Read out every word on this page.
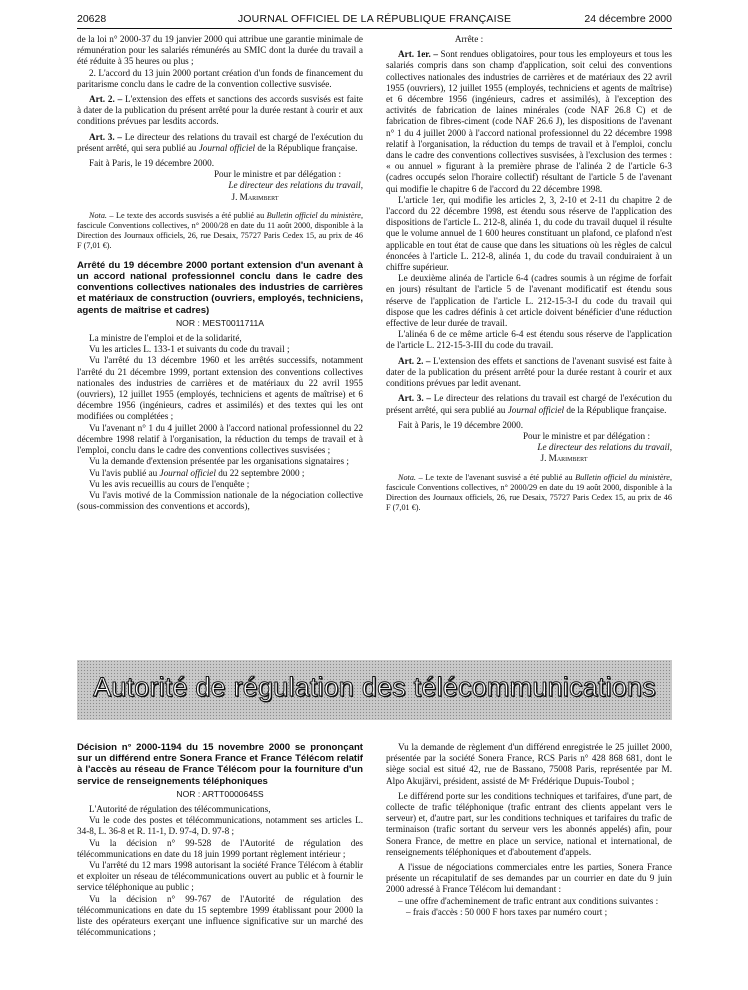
20628	JOURNAL OFFICIEL DE LA RÉPUBLIQUE FRANÇAISE	24 décembre 2000

de la loi n° 2000-37 du 19 janvier 2000 qui attribue une garantie minimale de rémunération pour les salariés rémunérés au SMIC dont la durée du travail a été réduite à 35 heures ou plus ;

2. L'accord du 13 juin 2000 portant création d'un fonds de financement du paritarisme conclu dans le cadre de la convention collective susvisée.

Art. 2. – L'extension des effets et sanctions des accords susvisés est faite à dater de la publication du présent arrêté pour la durée restant à courir et aux conditions prévues par lesdits accords.

Art. 3. – Le directeur des relations du travail est chargé de l'exécution du présent arrêté, qui sera publié au Journal officiel de la République française.

Fait à Paris, le 19 décembre 2000.

Pour le ministre et par délégation :
Le directeur des relations du travail,
J. Marimbert

Nota. – Le texte des accords susvisés a été publié au Bulletin officiel du ministère, fascicule Conventions collectives, n° 2000/28 en date du 11 août 2000, disponible à la Direction des Journaux officiels, 26, rue Desaix, 75727 Paris Cedex 15, au prix de 46 F (7,01 €).

Arrêté du 19 décembre 2000 portant extension d'un avenant à un accord national professionnel conclu dans le cadre des conventions collectives nationales des industries de carrières et matériaux de construction (ouvriers, employés, techniciens, agents de maîtrise et cadres)
NOR : MEST0011711A

La ministre de l'emploi et de la solidarité,

Vu les articles L. 133-1 et suivants du code du travail ;

Vu l'arrêté du 13 décembre 1960 et les arrêtés successifs, notamment l'arrêté du 21 décembre 1999, portant extension des conventions collectives nationales des industries de carrières et de matériaux du 22 avril 1955 (ouvriers), 12 juillet 1955 (employés, techniciens et agents de maîtrise) et 6 décembre 1956 (ingénieurs, cadres et assimilés) et des textes qui les ont modifiées ou complétées ;

Vu l'avenant n° 1 du 4 juillet 2000 à l'accord national professionnel du 22 décembre 1998 relatif à l'organisation, la réduction du temps de travail et à l'emploi, conclu dans le cadre des conventions collectives susvisées ;

Vu la demande d'extension présentée par les organisations signataires ;

Vu l'avis publié au Journal officiel du 22 septembre 2000 ;

Vu les avis recueillis au cours de l'enquête ;

Vu l'avis motivé de la Commission nationale de la négociation collective (sous-commission des conventions et accords),

Arrête :

Art. 1er. – Sont rendues obligatoires, pour tous les employeurs et tous les salariés compris dans son champ d'application, soit celui des conventions collectives nationales des industries de carrières et de matériaux des 22 avril 1955 (ouvriers), 12 juillet 1955 (employés, techniciens et agents de maîtrise) et 6 décembre 1956 (ingénieurs, cadres et assimilés), à l'exception des activités de fabrication de laines minérales (code NAF 26.8 C) et de fabrication de fibres-ciment (code NAF 26.6 J), les dispositions de l'avenant n° 1 du 4 juillet 2000 à l'accord national professionnel du 22 décembre 1998 relatif à l'organisation, la réduction du temps de travail et à l'emploi, conclu dans le cadre des conventions collectives susvisées, à l'exclusion des termes : « ou annuel » figurant à la première phrase de l'alinéa 2 de l'article 6-3 (cadres occupés selon l'horaire collectif) résultant de l'article 5 de l'avenant qui modifie le chapitre 6 de l'accord du 22 décembre 1998.

L'article 1er, qui modifie les articles 2, 3, 2-10 et 2-11 du chapitre 2 de l'accord du 22 décembre 1998, est étendu sous réserve de l'application des dispositions de l'article L. 212-8, alinéa 1, du code du travail duquel il résulte que le volume annuel de 1 600 heures constituant un plafond, ce plafond n'est applicable en tout état de cause que dans les situations où les règles de calcul énoncées à l'article L. 212-8, alinéa 1, du code du travail conduiraient à un chiffre supérieur.

Le deuxième alinéa de l'article 6-4 (cadres soumis à un régime de forfait en jours) résultant de l'article 5 de l'avenant modificatif est étendu sous réserve de l'application de l'article L. 212-15-3-I du code du travail qui dispose que les cadres définis à cet article doivent bénéficier d'une réduction effective de leur durée de travail.

L'alinéa 6 de ce même article 6-4 est étendu sous réserve de l'application de l'article L. 212-15-3-III du code du travail.

Art. 2. – L'extension des effets et sanctions de l'avenant susvisé est faite à dater de la publication du présent arrêté pour la durée restant à courir et aux conditions prévues par ledit avenant.

Art. 3. – Le directeur des relations du travail est chargé de l'exécution du présent arrêté, qui sera publié au Journal officiel de la République française.

Fait à Paris, le 19 décembre 2000.

Pour le ministre et par délégation :
Le directeur des relations du travail,
J. Marimbert

Nota. – Le texte de l'avenant susvisé a été publié au Bulletin officiel du ministère, fascicule Conventions collectives, n° 2000/29 en date du 19 août 2000, disponible à la Direction des Journaux officiels, 26, rue Desaix, 75727 Paris Cedex 15, au prix de 46 F (7,01 €).

Autorité de régulation des télécommunications
Décision n° 2000-1194 du 15 novembre 2000 se prononçant sur un différend entre Sonera France et France Télécom relatif à l'accès au réseau de France Télécom pour la fourniture d'un service de renseignements téléphoniques
NOR : ARTT0000645S

L'Autorité de régulation des télécommunications,

Vu le code des postes et télécommunications, notamment ses articles L. 34-8, L. 36-8 et R. 11-1, D. 97-4, D. 97-8 ;

Vu la décision n° 99-528 de l'Autorité de régulation des télécommunications en date du 18 juin 1999 portant règlement intérieur ;

Vu l'arrêté du 12 mars 1998 autorisant la société France Télécom à établir et exploiter un réseau de télécommunications ouvert au public et à fournir le service téléphonique au public ;

Vu la décision n° 99-767 de l'Autorité de régulation des télécommunications en date du 15 septembre 1999 établissant pour 2000 la liste des opérateurs exerçant une influence significative sur un marché des télécommunications ;

Vu la demande de règlement d'un différend enregistrée le 25 juillet 2000, présentée par la société Sonera France, RCS Paris n° 428 868 681, dont le siège social est situé 42, rue de Bassano, 75008 Paris, représentée par M. Alpo Akujärvi, président, assisté de Mᵉ Frédérique Dupuis-Toubol ;

Le différend porte sur les conditions techniques et tarifaires, d'une part, de collecte de trafic téléphonique (trafic entrant des clients appelant vers le serveur) et, d'autre part, sur les conditions techniques et tarifaires du trafic de terminaison (trafic sortant du serveur vers les abonnés appelés) afin, pour Sonera France, de mettre en place un service, national et international, de renseignements téléphoniques et d'aboutement d'appels.

A l'issue de négociations commerciales entre les parties, Sonera France présente un récapitulatif de ses demandes par un courrier en date du 9 juin 2000 adressé à France Télécom lui demandant :

– une offre d'acheminement de trafic entrant aux conditions suivantes :
– frais d'accès : 50 000 F hors taxes par numéro court ;
